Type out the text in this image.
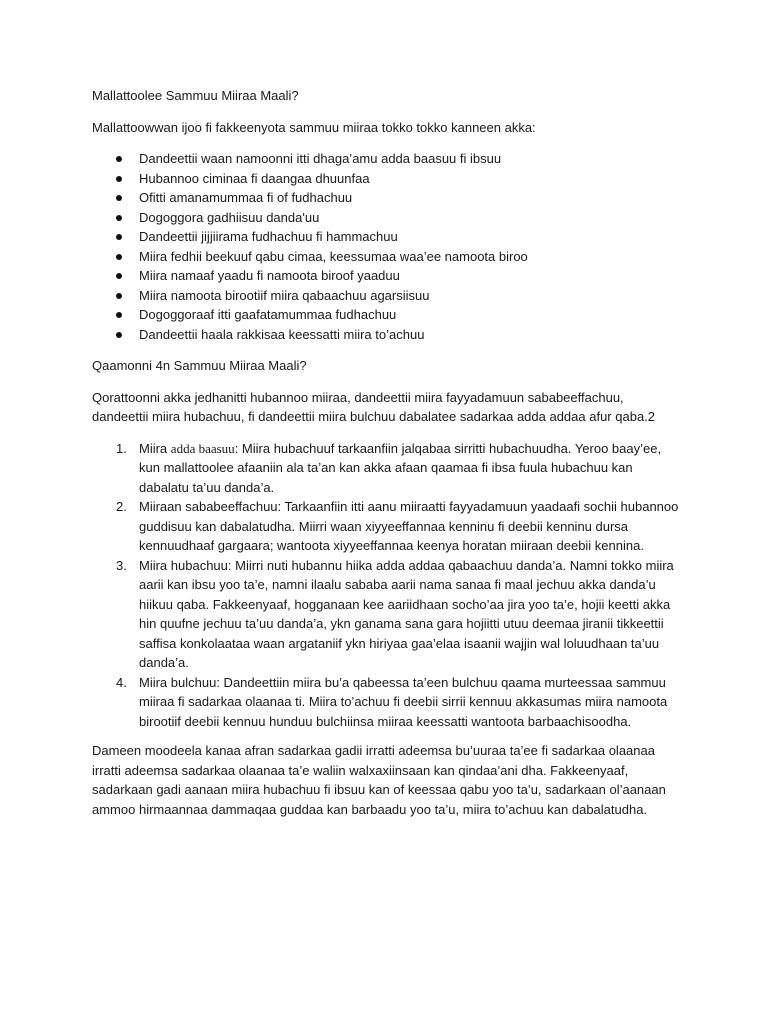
Mallattoolee Sammuu Miiraa Maali?

Mallattoowwan ijoo fi fakkeenyota sammuu miiraa tokko tokko kanneen akka:

Dandeettii waan namoonni itti dhaga’amu adda baasuu fi ibsuu
Hubannoo ciminaa fi daangaa dhuunfaa
Ofitti amanamummaa fi of fudhachuu
Dogoggora gadhiisuu danda'uu
Dandeettii jijjiirama fudhachuu fi hammachuu
Miira fedhii beekuuf qabu cimaa, keessumaa waa’ee namoota biroo
Miira namaaf yaadu fi namoota biroof yaaduu
Miira namoota birootiif miira qabaachuu agarsiisuu
Dogoggoraaf itti gaafatamummaa fudhachuu
Dandeettii haala rakkisaa keessatti miira to’achuu

Qaamonni 4n Sammuu Miiraa Maali?

Qorattoonni akka jedhanitti hubannoo miiraa, dandeettii miira fayyadamuun sababeeffachuu, dandeettii miira hubachuu, fi dandeettii miira bulchuu dabalatee sadarkaa adda addaa afur qaba.2

1. Miira adda baasuu: Miira hubachuuf tarkaanfiin jalqabaa sirritti hubachuudha. Yeroo baay’ee, kun mallattoolee afaaniin ala ta’an kan akka afaan qaamaa fi ibsa fuula hubachuu kan dabalatu ta’uu danda’a.
2. Miiraan sababeeffachuu: Tarkaanfiin itti aanu miiraatti fayyadamuun yaadaafi sochii hubannoo guddisuu kan dabalatudha. Miirri waan xiyyeeffannaa kenninu fi deebii kenninu dursa kennuudhaaf gargaara; wantoota xiyyeeffannaa keenya horatan miiraan deebii kennina.
3. Miira hubachuu: Miirri nuti hubannu hiika adda addaa qabaachuu danda’a. Namni tokko miira aarii kan ibsu yoo ta’e, namni ilaalu sababa aarii nama sanaa fi maal jechuu akka danda’u hiikuu qaba. Fakkeenyaaf, hogganaan kee aariidhaan socho’aa jira yoo ta’e, hojii keetti akka hin quufne jechuu ta’uu danda’a, ykn ganama sana gara hojiitti utuu deemaa jiranii tikkeettii saffisa konkolaataa waan argataniif ykn hiriyaa gaa’elaa isaanii wajjin wal loluudhaan ta’uu danda’a.
4. Miira bulchuu: Dandeettiin miira bu’a qabeessa ta’een bulchuu qaama murteessaa sammuu miiraa fi sadarkaa olaanaa ti. Miira to’achuu fi deebii sirrii kennuu akkasumas miira namoota birootiif deebii kennuu hunduu bulchiinsa miiraa keessatti wantoota barbaachisoodha.

Dameen moodeela kanaa afran sadarkaa gadii irratti adeemsa bu’uuraa ta’ee fi sadarkaa olaanaa irratti adeemsa sadarkaa olaanaa ta’e waliin walxaxiinsaan kan qindaa’ani dha. Fakkeenyaaf, sadarkaan gadi aanaan miira hubachuu fi ibsuu kan of keessaa qabu yoo ta’u, sadarkaan ol’aanaan ammoo hirmaannaa dammaqaa guddaa kan barbaadu yoo ta’u, miira to’achuu kan dabalatudha.
